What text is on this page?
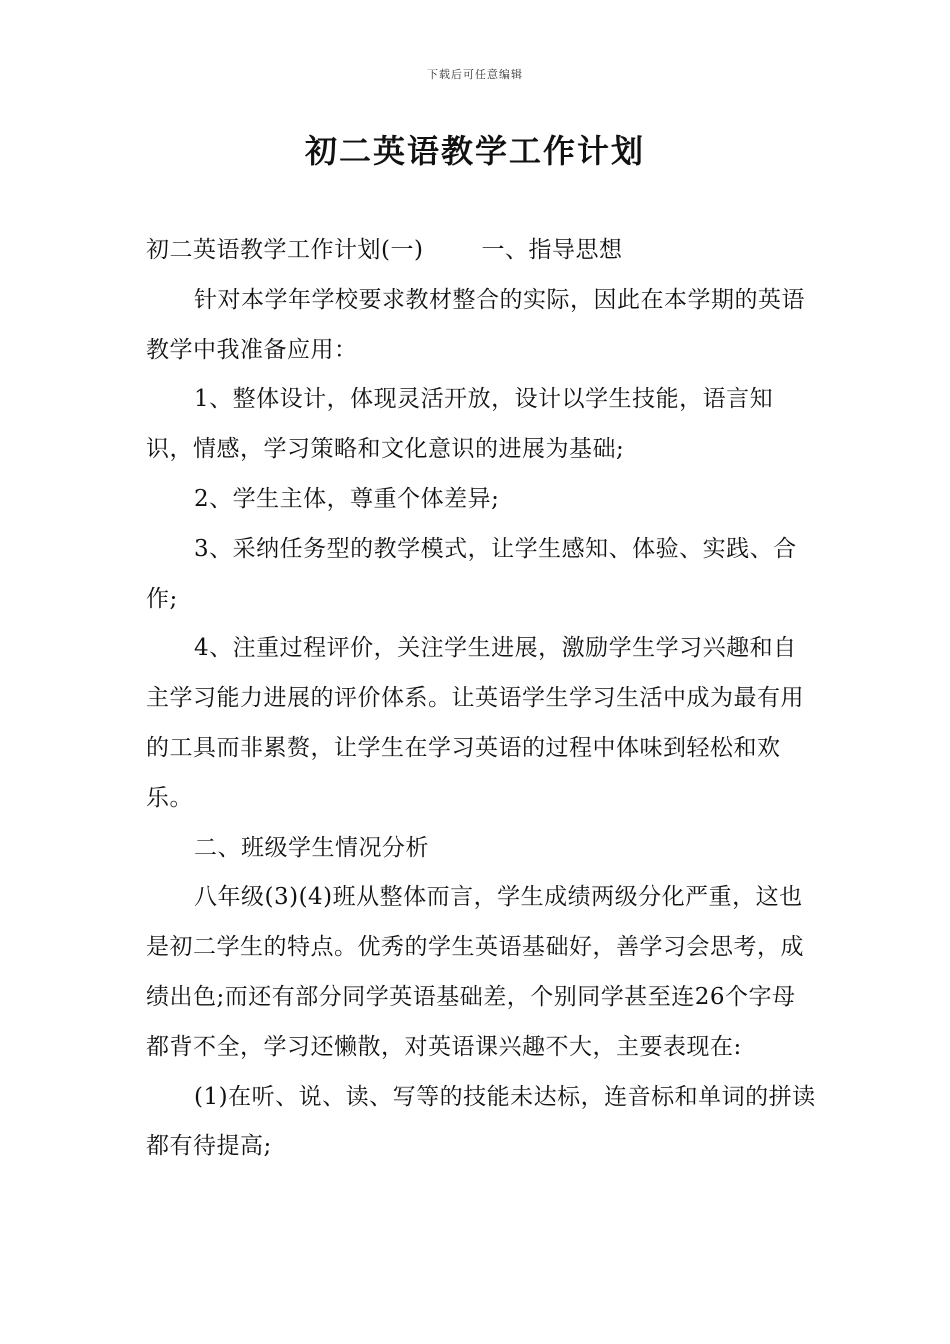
下载后可任意编辑
初二英语教学工作计划

初二英语教学工作计划(一)	一、指导思想

针对本学年学校要求教材整合的实际，因此在本学期的英语教学中我准备应用：

1、整体设计，体现灵活开放，设计以学生技能，语言知识，情感，学习策略和文化意识的进展为基础;

2、学生主体，尊重个体差异;

3、采纳任务型的教学模式，让学生感知、体验、实践、合作;

4、注重过程评价，关注学生进展，激励学生学习兴趣和自主学习能力进展的评价体系。让英语学生学习生活中成为最有用的工具而非累赘，让学生在学习英语的过程中体味到轻松和欢乐。

二、班级学生情况分析

八年级(3)(4)班从整体而言，学生成绩两级分化严重，这也是初二学生的特点。优秀的学生英语基础好，善学习会思考，成绩出色;而还有部分同学英语基础差，个别同学甚至连26个字母都背不全，学习还懒散，对英语课兴趣不大，主要表现在:

(1)在听、说、读、写等的技能未达标，连音标和单词的拼读都有待提高;
